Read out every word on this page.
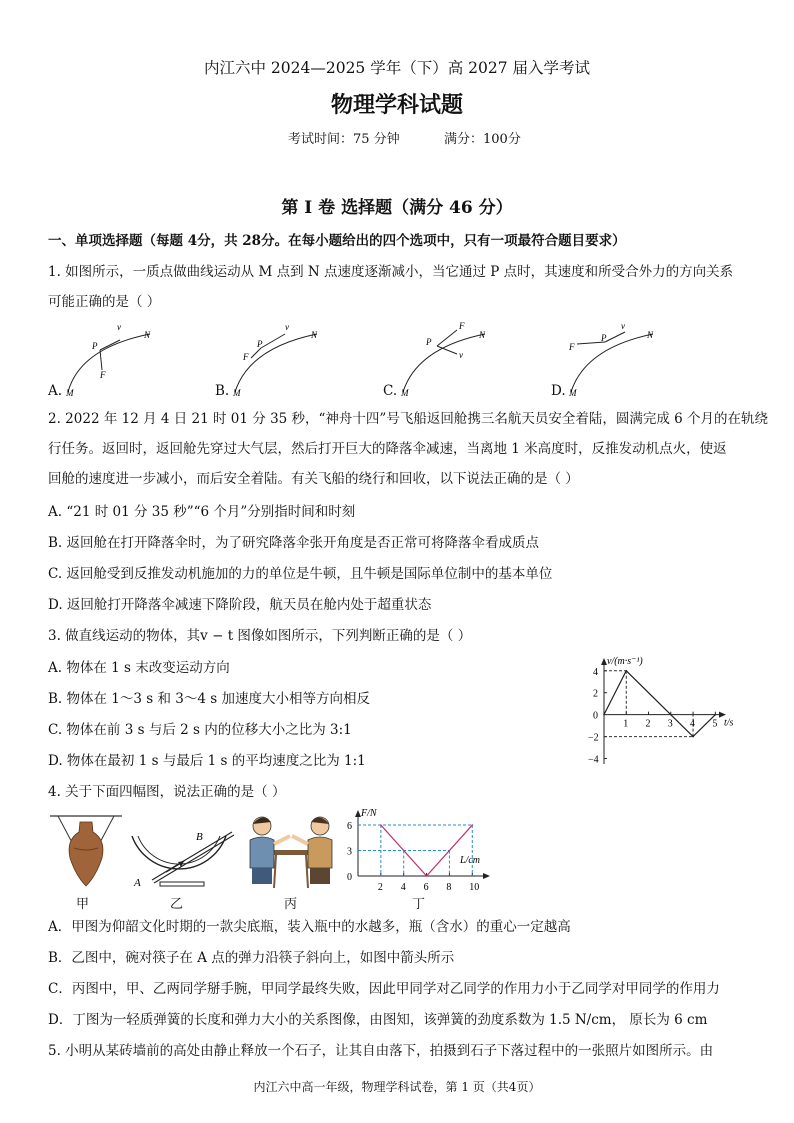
内江六中 2024—2025 学年（下）高 2027 届入学考试
物理学科试题
考试时间：75 分钟	满分：100分
第 I 卷 选择题（满分 46 分）
一、单项选择题（每题 4分，共 28分。在每小题给出的四个选项中，只有一项最符合题目要求）
1. 如图所示，一质点做曲线运动从 M 点到 N 点速度逐渐减小，当它通过 P 点时，其速度和所受合外力的方向关系
可能正确的是（ ）
A.	B.	C.	D.
M
N
P
v
F
M
N
P
v
F
M
N
P
F
v
M
N
P
v
F
2. 2022 年 12 月 4 日 21 时 01 分 35 秒，“神舟十四”号飞船返回舱携三名航天员安全着陆，圆满完成 6 个月的在轨绕
行任务。返回时，返回舱先穿过大气层，然后打开巨大的降落伞减速，当离地 1 米高度时，反推发动机点火，使返
回舱的速度进一步减小，而后安全着陆。有关飞船的绕行和回收，以下说法正确的是（ ）
A. “21 时 01 分 35 秒”“6 个月”分别指时间和时刻
B. 返回舱在打开降落伞时，为了研究降落伞张开角度是否正常可将降落伞看成质点
C. 返回舱受到反推发动机施加的力的单位是牛顿，且牛顿是国际单位制中的基本单位
D. 返回舱打开降落伞减速下降阶段，航天员在舱内处于超重状态
3. 做直线运动的物体，其v − t 图像如图所示，下列判断正确的是（ ）
A. 物体在 1 s 末改变运动方向
B. 物体在 1～3 s 和 3～4 s 加速度大小相等方向相反
C. 物体在前 3 s 与后 2 s 内的位移大小之比为 3:1
D. 物体在最初 1 s 与最后 1 s 的平均速度之比为 1:1
v/(m·s⁻¹)
t/s
1 2 3 4 5
4
2
0
−2
−4
4. 关于下面四幅图，说法正确的是（ ）
甲
A
B
乙	丙
F/N
L/cm
2 4 6 8 10
6
3
0
丁
A．甲图为仰韶文化时期的一款尖底瓶，装入瓶中的水越多，瓶（含水）的重心一定越高
B．乙图中，碗对筷子在 A 点的弹力沿筷子斜向上，如图中箭头所示
C．丙图中，甲、乙两同学掰手腕，甲同学最终失败，因此甲同学对乙同学的作用力小于乙同学对甲同学的作用力
D．丁图为一轻质弹簧的长度和弹力大小的关系图像，由图知，该弹簧的劲度系数为 1.5 N/cm， 原长为 6 cm
5. 小明从某砖墙前的高处由静止释放一个石子，让其自由落下，拍摄到石子下落过程中的一张照片如图所示。由
内江六中高一年级，物理学科试卷，第 1 页（共4页）
